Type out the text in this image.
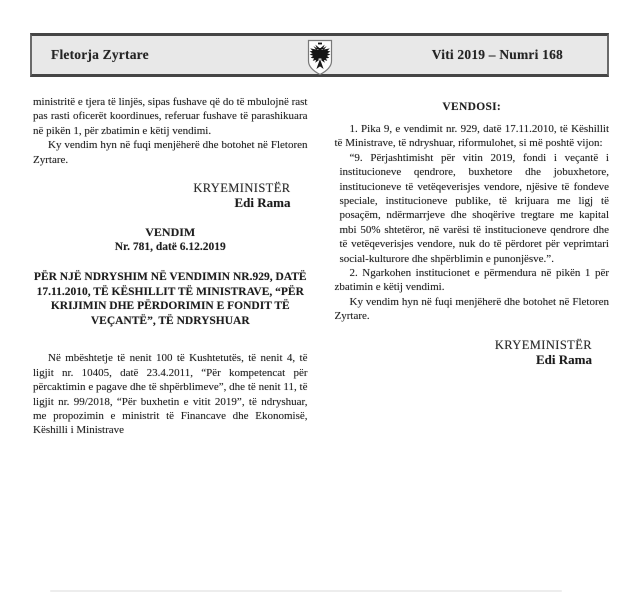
Fletorja Zyrtare	Viti 2019 – Numri 168
ministritë e tjera të linjës, sipas fushave që do të mbulojnë rast pas rasti oficerët koordinues, referuar fushave të parashikuara në pikën 1, për zbatimin e këtij vendimi.
Ky vendim hyn në fuqi menjëherë dhe botohet në Fletoren Zyrtare.
KRYEMINISTËR
Edi Rama
VENDIM
Nr. 781, datë 6.12.2019
PËR NJË NDRYSHIM NË VENDIMIN NR.929, DATË 17.11.2010, TË KËSHILLIT TË MINISTRAVE, “PËR KRIJIMIN DHE PËRDORIMIN E FONDIT TË VEÇANTË”, TË NDRYSHUAR
Në mbështetje të nenit 100 të Kushtetutës, të nenit 4, të ligjit nr. 10405, datë 23.4.2011, “Për kompetencat për përcaktimin e pagave dhe të shpërblimeve”, dhe të nenit 11, të ligjit nr. 99/2018, “Për buxhetin e vitit 2019”, të ndryshuar, me propozimin e ministrit të Financave dhe Ekonomisë, Këshilli i Ministrave
VENDOSI:
1. Pika 9, e vendimit nr. 929, datë 17.11.2010, të Këshillit të Ministrave, të ndryshuar, riformulohet, si më poshtë vijon:
“9. Përjashtimisht për vitin 2019, fondi i veçantë i institucioneve qendrore, buxhetore dhe jobuxhetore, institucioneve të vetëqeverisjes vendore, njësive të fondeve speciale, institucioneve publike, të krijuara me ligj të posaçëm, ndërmarrjeve dhe shoqërive tregtare me kapital mbi 50% shtetëror, në varësi të institucioneve qendrore dhe të vetëqeverisjes vendore, nuk do të përdoret për veprimtari social-kulturore dhe shpërblimin e punonjësve.”.
2. Ngarkohen institucionet e përmendura në pikën 1 për zbatimin e këtij vendimi.
Ky vendim hyn në fuqi menjëherë dhe botohet në Fletoren Zyrtare.
KRYEMINISTËR
Edi Rama
